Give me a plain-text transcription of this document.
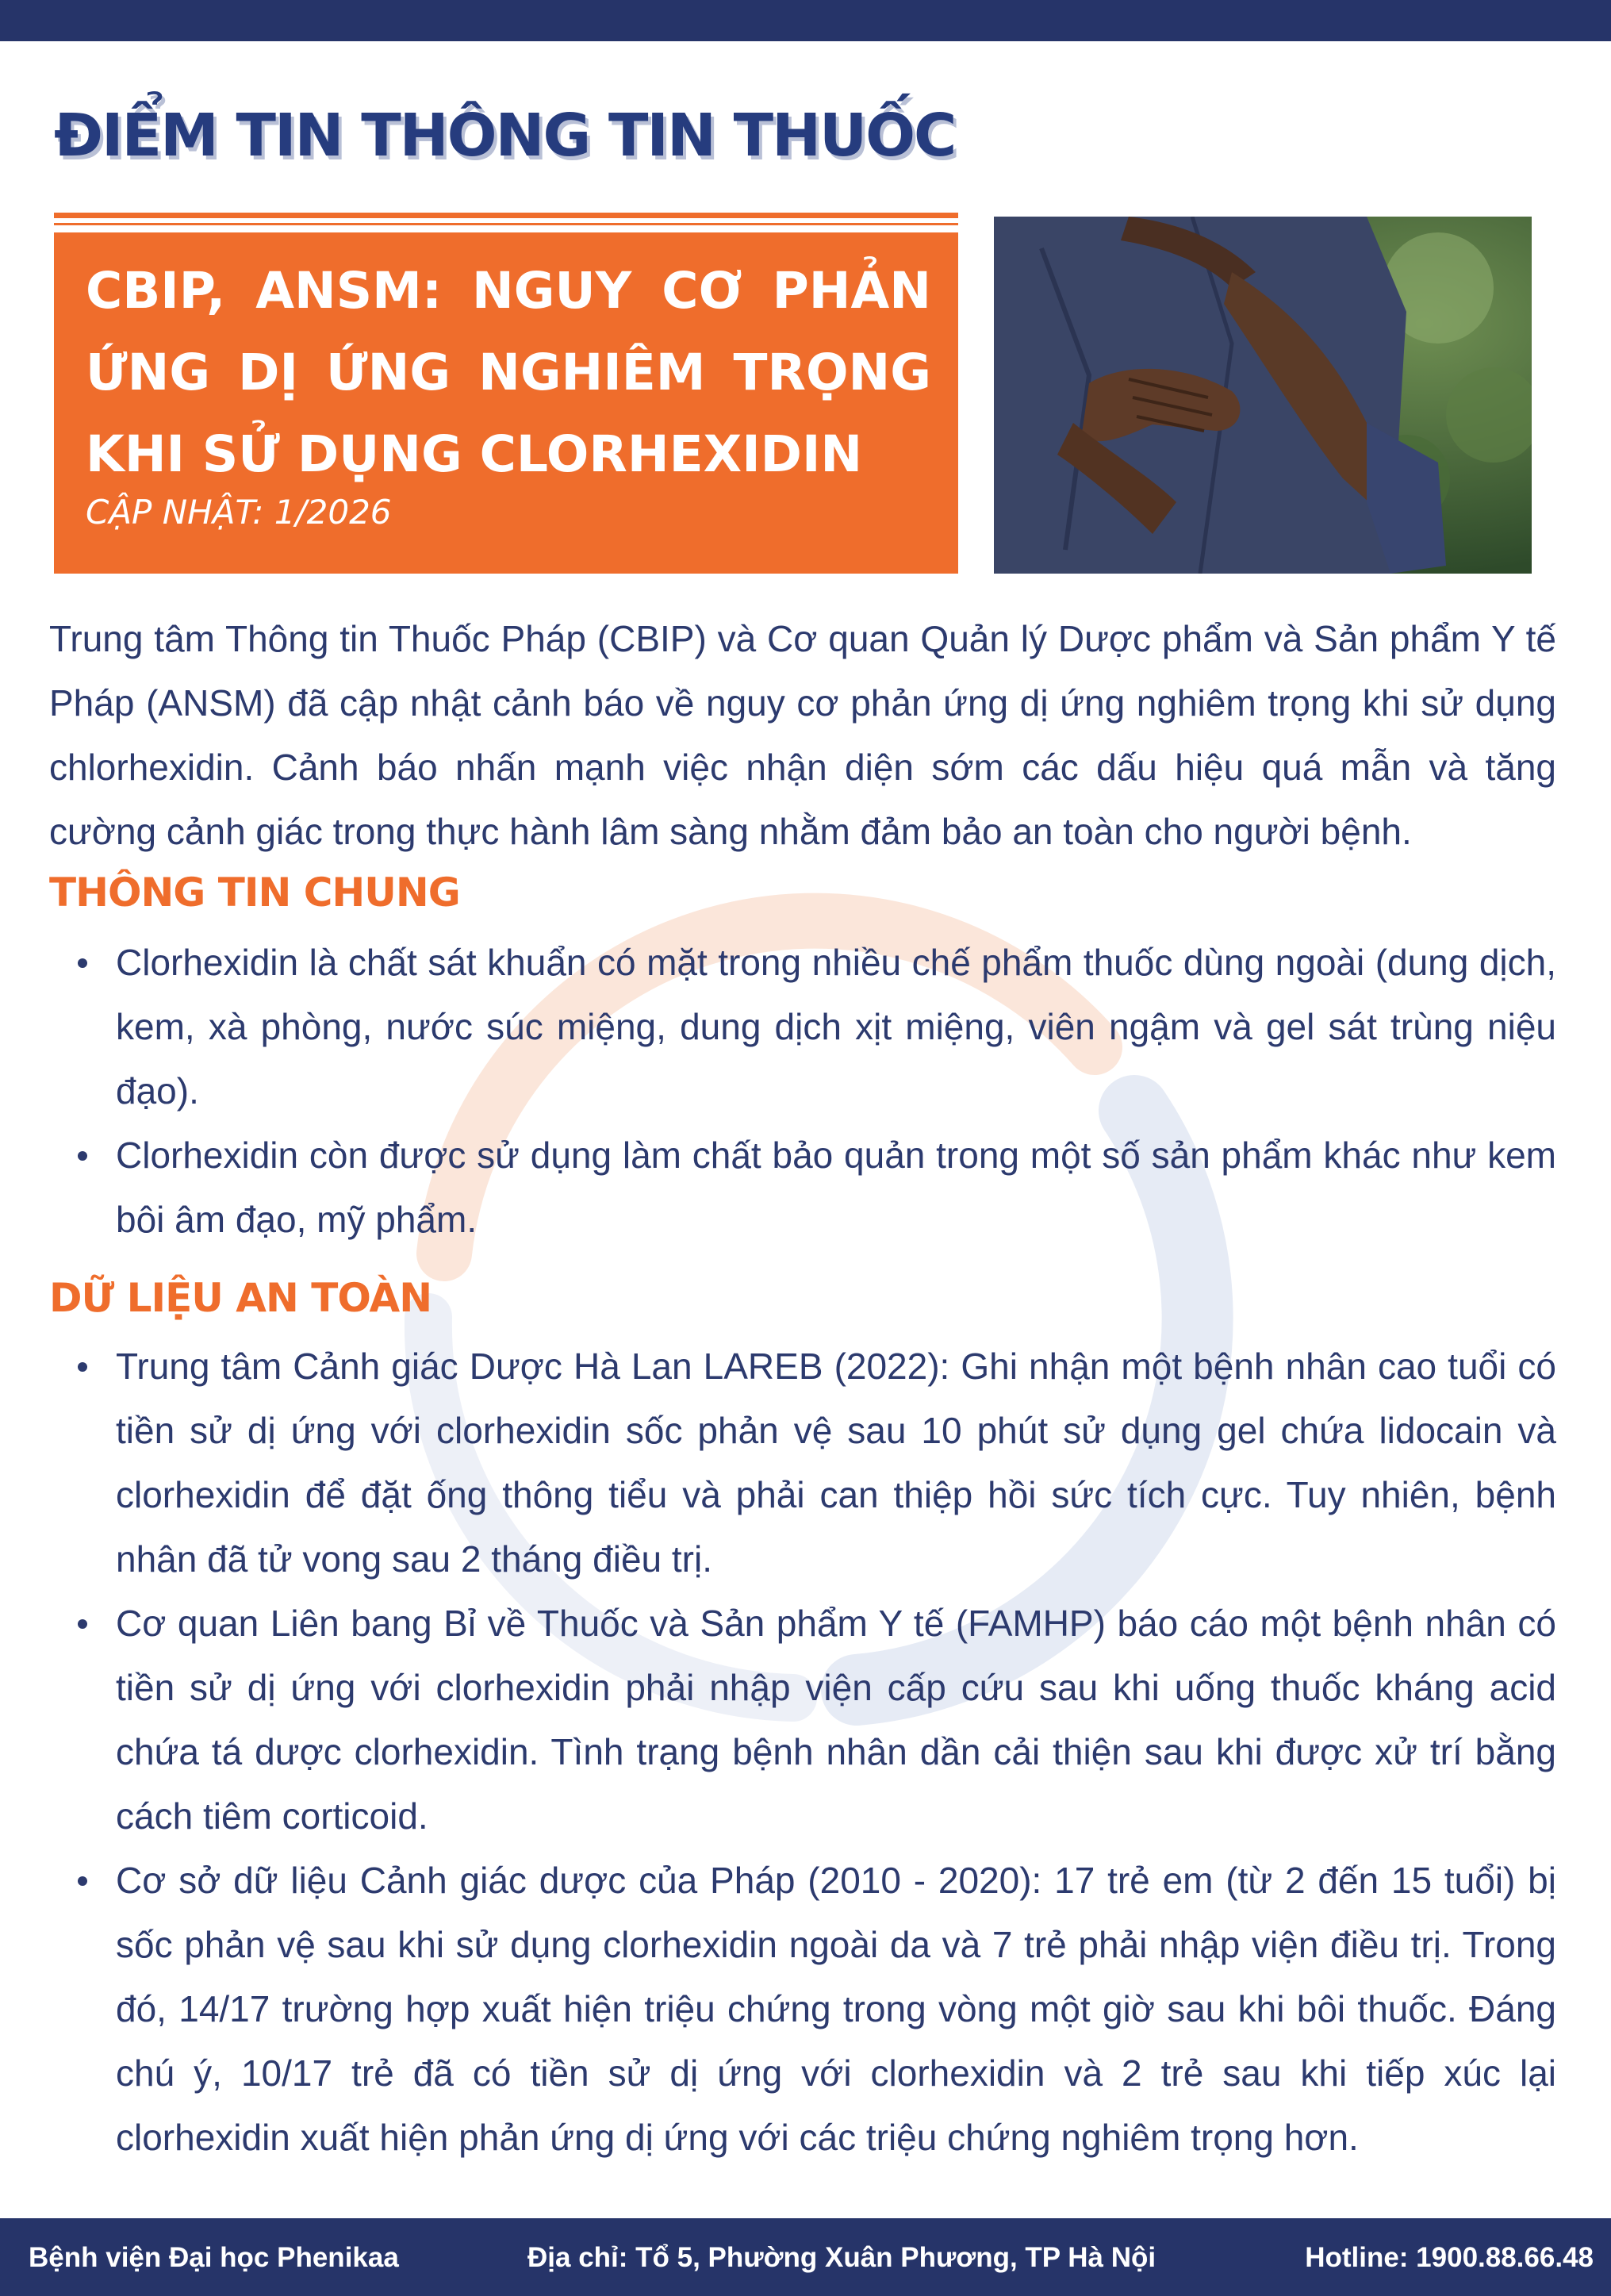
ĐIỂM TIN THÔNG TIN THUỐC
CBIP, ANSM: NGUY CƠ PHẢN
ỨNG DỊ ỨNG NGHIÊM TRỌNG
KHI SỬ DỤNG CLORHEXIDIN
CẬP NHẬT: 1/2026

Trung tâm Thông tin Thuốc Pháp (CBIP) và Cơ quan Quản lý Dược phẩm và Sản phẩm Y tế Pháp (ANSM) đã cập nhật cảnh báo về nguy cơ phản ứng dị ứng nghiêm trọng khi sử dụng chlorhexidin. Cảnh báo nhấn mạnh việc nhận diện sớm các dấu hiệu quá mẫn và tăng cường cảnh giác trong thực hành lâm sàng nhằm đảm bảo an toàn cho người bệnh.

THÔNG TIN CHUNG
Clorhexidin là chất sát khuẩn có mặt trong nhiều chế phẩm thuốc dùng ngoài (dung dịch, kem, xà phòng, nước súc miệng, dung dịch xịt miệng, viên ngậm và gel sát trùng niệu đạo).
Clorhexidin còn được sử dụng làm chất bảo quản trong một số sản phẩm khác như kem bôi âm đạo, mỹ phẩm.
DỮ LIỆU AN TOÀN
Trung tâm Cảnh giác Dược Hà Lan LAREB (2022): Ghi nhận một bệnh nhân cao tuổi có tiền sử dị ứng với clorhexidin sốc phản vệ sau 10 phút sử dụng gel chứa lidocain và clorhexidin để đặt ống thông tiểu và phải can thiệp hồi sức tích cực. Tuy nhiên, bệnh nhân đã tử vong sau 2 tháng điều trị.
Cơ quan Liên bang Bỉ về Thuốc và Sản phẩm Y tế (FAMHP) báo cáo một bệnh nhân có tiền sử dị ứng với clorhexidin phải nhập viện cấp cứu sau khi uống thuốc kháng acid chứa tá dược clorhexidin. Tình trạng bệnh nhân dần cải thiện sau khi được xử trí bằng cách tiêm corticoid.
Cơ sở dữ liệu Cảnh giác dược của Pháp (2010 - 2020): 17 trẻ em (từ 2 đến 15 tuổi) bị sốc phản vệ sau khi sử dụng clorhexidin ngoài da và 7 trẻ phải nhập viện điều trị. Trong đó, 14/17 trường hợp xuất hiện triệu chứng trong vòng một giờ sau khi bôi thuốc. Đáng chú ý, 10/17 trẻ đã có tiền sử dị ứng với clorhexidin và 2 trẻ sau khi tiếp xúc lại clorhexidin xuất hiện phản ứng dị ứng với các triệu chứng nghiêm trọng hơn.
Bệnh viện Đại học Phenikaa	Địa chỉ: Tổ 5, Phường Xuân Phương, TP Hà Nội	Hotline: 1900.88.66.48
